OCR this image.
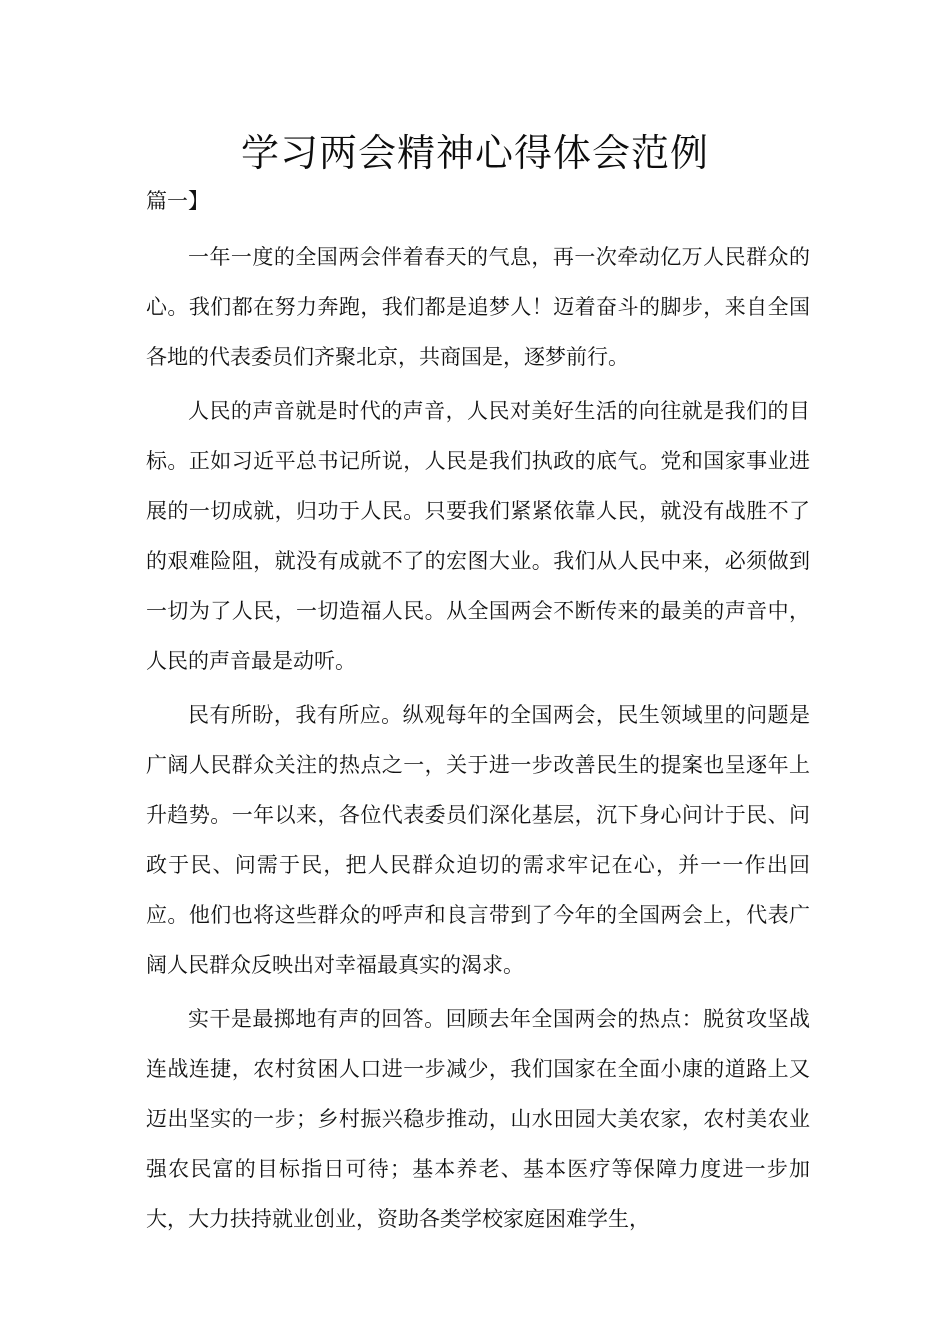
学习两会精神心得体会范例

篇一】

一年一度的全国两会伴着春天的气息，再一次牵动亿万人民群众的心。我们都在努力奔跑，我们都是追梦人！迈着奋斗的脚步，来自全国各地的代表委员们齐聚北京，共商国是，逐梦前行。

人民的声音就是时代的声音，人民对美好生活的向往就是我们的目标。正如习近平总书记所说，人民是我们执政的底气。党和国家事业进展的一切成就，归功于人民。只要我们紧紧依靠人民，就没有战胜不了的艰难险阻，就没有成就不了的宏图大业。我们从人民中来，必须做到一切为了人民，一切造福人民。从全国两会不断传来的最美的声音中，人民的声音最是动听。

民有所盼，我有所应。纵观每年的全国两会，民生领域里的问题是广阔人民群众关注的热点之一，关于进一步改善民生的提案也呈逐年上升趋势。一年以来，各位代表委员们深化基层，沉下身心问计于民、问政于民、问需于民，把人民群众迫切的需求牢记在心，并一一作出回应。他们也将这些群众的呼声和良言带到了今年的全国两会上，代表广阔人民群众反映出对幸福最真实的渴求。

实干是最掷地有声的回答。回顾去年全国两会的热点：脱贫攻坚战连战连捷，农村贫困人口进一步减少，我们国家在全面小康的道路上又迈出坚实的一步；乡村振兴稳步推动，山水田园大美农家，农村美农业强农民富的目标指日可待；基本养老、基本医疗等保障力度进一步加大，大力扶持就业创业，资助各类学校家庭困难学生，
